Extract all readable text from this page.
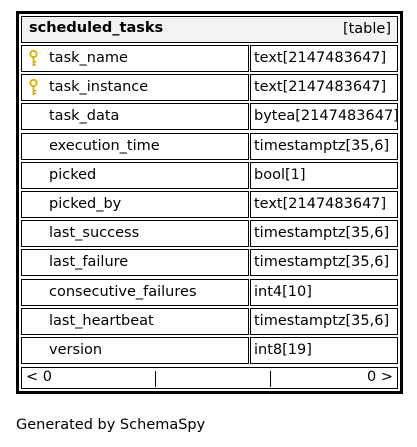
scheduled_tasks	[table]
task_name	text[2147483647]
task_instance	text[2147483647]
task_data	bytea[2147483647]
execution_time	timestamptz[35,6]
picked	bool[1]
picked_by	text[2147483647]
last_success	timestamptz[35,6]
last_failure	timestamptz[35,6]
consecutive_failures	int4[10]
last_heartbeat	timestamptz[35,6]
version	int8[19]
< 0	0 >
Generated by SchemaSpy
